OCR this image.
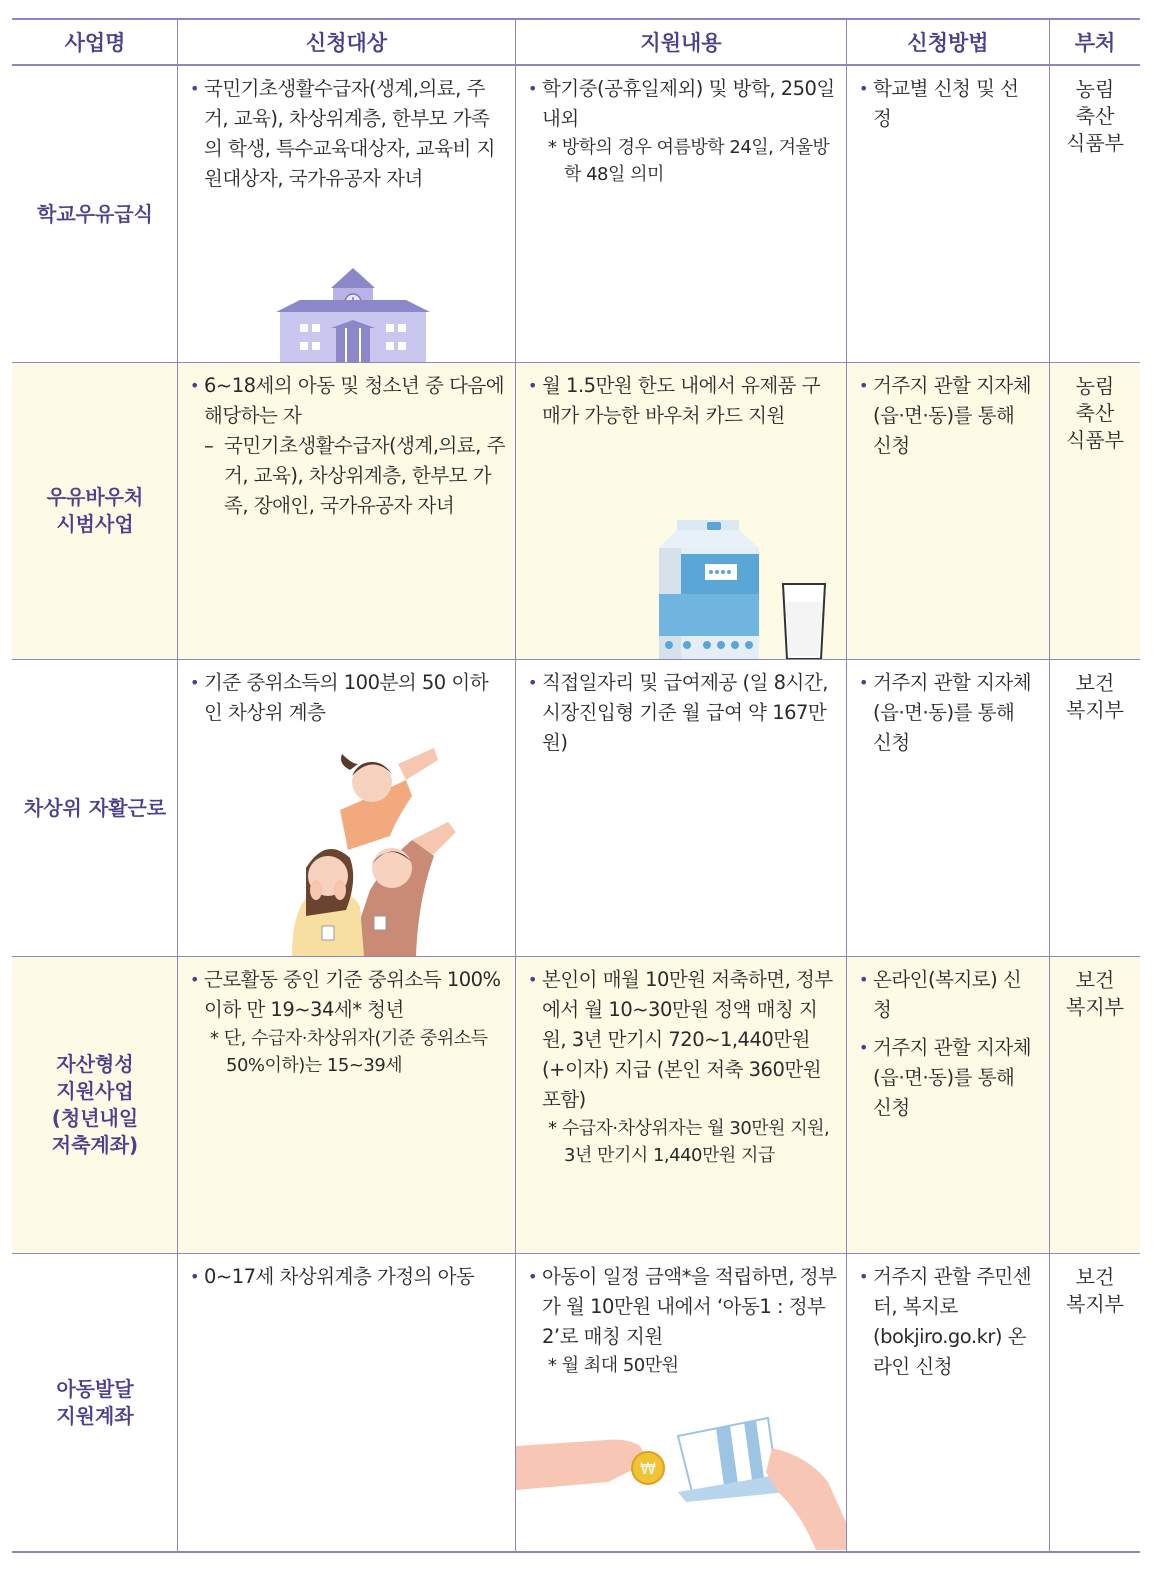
사업명	신청대상	지원내용	신청방법	부처
학교우유급식
• 국민기초생활수급자(생계,의료, 주거, 교육), 차상위계층, 한부모 가족의 학생, 특수교육대상자, 교육비 지원대상자, 국가유공자 자녀
• 학기중(공휴일제외) 및 방학, 250일 내외
* 방학의 경우 여름방학 24일, 겨울방학 48일 의미
• 학교별 신청 및 선정
농림
축산
식품부
우유바우처 시범사업
• 6~18세의 아동 및 청소년 중 다음에 해당하는 자
– 국민기초생활수급자(생계,의료, 주거, 교육), 차상위계층, 한부모 가족, 장애인, 국가유공자 자녀
• 월 1.5만원 한도 내에서 유제품 구매가 가능한 바우처 카드 지원
• 거주지 관할 지자체(읍·면·동)를 통해 신청
농림
축산
식품부
차상위 자활근로
• 기준 중위소득의 100분의 50 이하인 차상위 계층
• 직접일자리 및 급여제공 (일 8시간, 시장진입형 기준 월 급여 약 167만원)
• 거주지 관할 지자체 (읍·면·동)를 통해 신청
보건
복지부
자산형성 지원사업 (청년내일 저축계좌)
• 근로활동 중인 기준 중위소득 100% 이하 만 19~34세* 청년
* 단, 수급자·차상위자(기준 중위소득 50%이하)는 15~39세
• 본인이 매월 10만원 저축하면, 정부에서 월 10~30만원 정액 매칭 지원, 3년 만기시 720~1,440만원 (+이자) 지급 (본인 저축 360만원 포함)
* 수급자·차상위자는 월 30만원 지원, 3년 만기시 1,440만원 지급
• 온라인(복지로) 신청
• 거주지 관할 지자체(읍·면·동)를 통해 신청
보건
복지부
아동발달 지원계좌
• 0~17세 차상위계층 가정의 아동
•	아동이 일정 금액*을 적립하면, 정부가 월 10만원 내에서 ‘아동1 : 정부2’로 매칭 지원
* 월 최대 50만원
• 거주지 관할 주민센터, 복지로 (bokjiro.go.kr) 온라인 신청
보건
복지부
₩
